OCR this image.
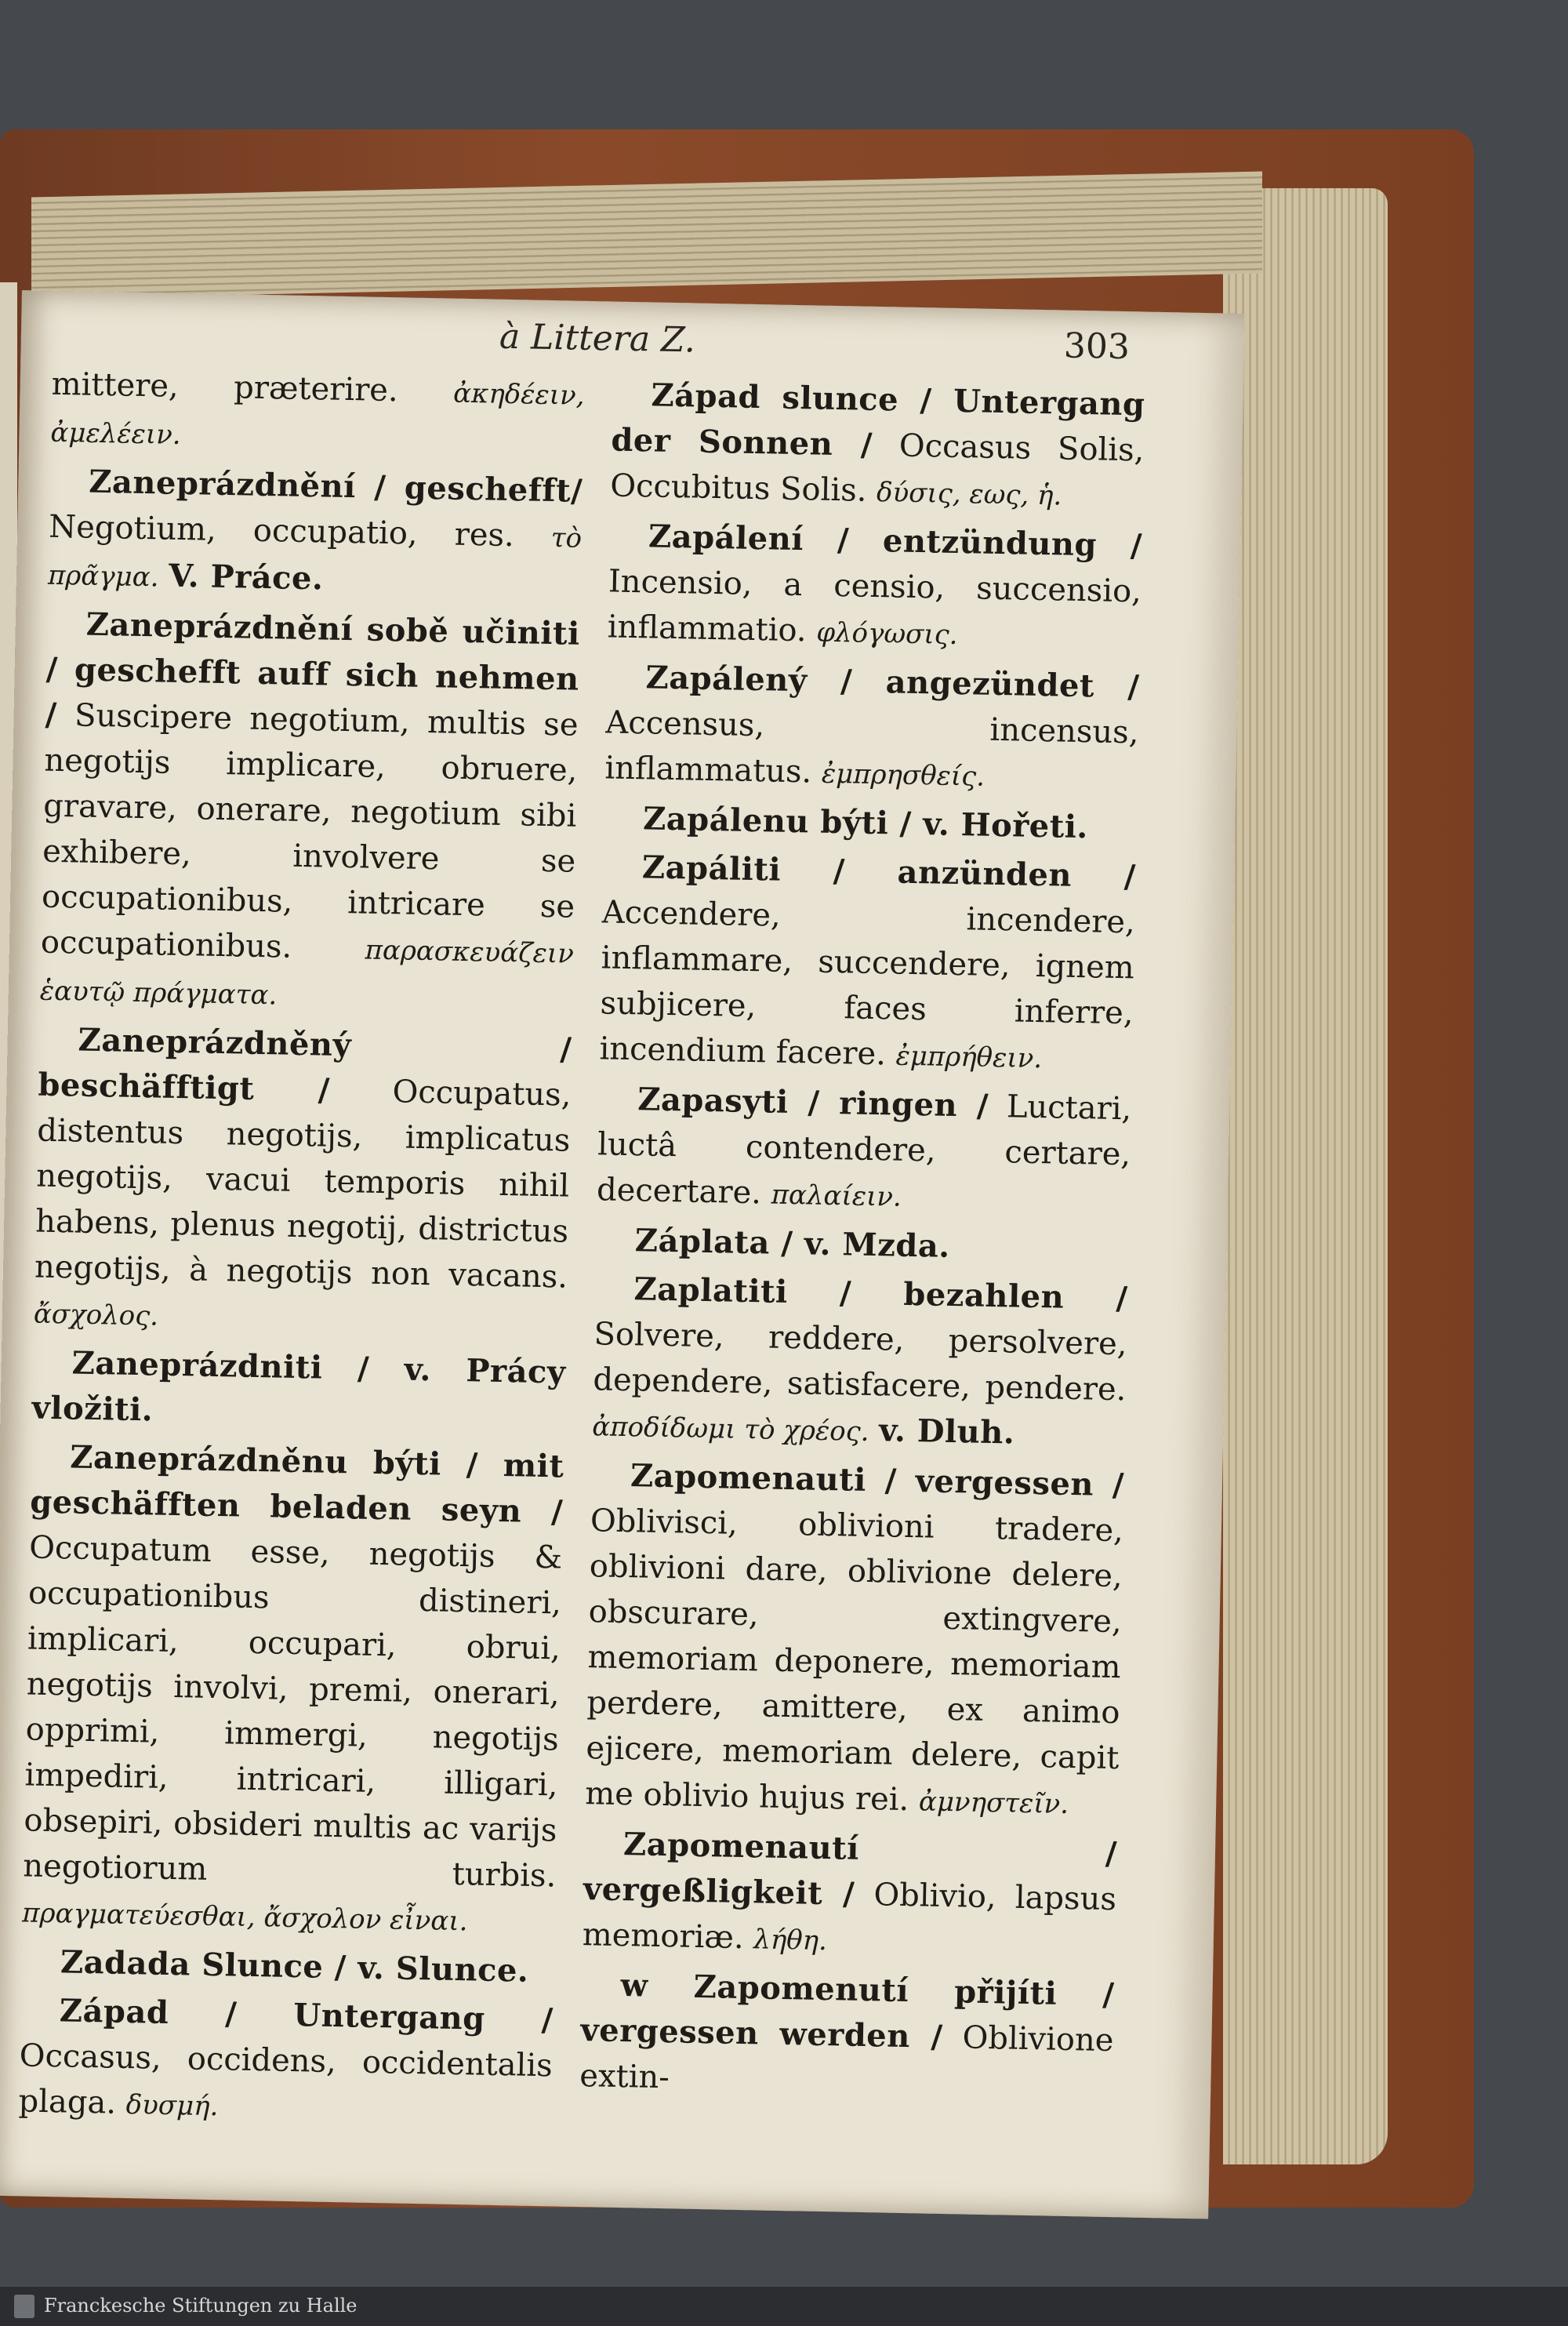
à Littera Z.	303

mittere, præterire. ἀκηδέειν, ἀμελέειν.

Zaneprázdnění / geschefft/ Negotium, occupatio, res. τὸ πρᾶγμα. V. Práce.

Zaneprázdnění sobě učiniti / geschefft auff sich nehmen / Suscipere negotium, multis se negotijs implicare, obruere, gravare, onerare, negotium sibi exhibere, involvere se occupationibus, intricare se occupationibus.	παρασκευάζειν ἑαυτῷ πράγματα.

Zaneprázdněný / beschäfftigt / Occupatus, distentus negotijs, implicatus negotijs, vacui temporis nihil habens, plenus negotij, districtus negotijs, à negotijs non vacans. ἄσχολος.

Zaneprázdniti / v. Prácy vložiti.

Zaneprázdněnu býti / mit geschäfften beladen seyn / Occupatum esse, negotijs & occupationibus distineri, implicari, occupari, obrui, negotijs involvi, premi, onerari, opprimi, immergi, negotijs impediri, intricari, illigari, obsepiri, obsideri multis ac varijs negotiorum turbis. πραγματεύεσθαι, ἄσχολον εἶναι.

Zadada Slunce / v. Slunce.

Západ / Untergang / Occasus, occidens, occidentalis plaga. δυσμή.

Západ slunce / Untergang der Sonnen / Occasus Solis, Occubitus Solis. δύσις, εως, ἡ.

Zapálení / entzündung / Incensio, a censio, succensio, inflammatio. φλόγωσις.

Zapálený / angezündet / Accensus, incensus, inflammatus. ἐμπρησθείς.

Zapálenu býti / v. Hořeti.

Zapáliti / anzünden / Accendere, incendere, inflammare, succendere, ignem subjicere, faces inferre, incendium facere. ἐμπρήθειν.

Zapasyti / ringen / Luctari, luctâ contendere, certare, decertare. παλαίειν.

Záplata / v. Mzda.

Zaplatiti / bezahlen / Solvere, reddere, persolvere, dependere, satisfacere, pendere. ἀποδίδωμι τὸ χρέος. v. Dluh.

Zapomenauti / vergessen / Oblivisci, oblivioni tradere, oblivioni dare, oblivione delere, obscurare, extingvere, memoriam deponere, memoriam perdere, amittere, ex animo ejicere, memoriam delere, capit me oblivio hujus rei. ἀμνηστεῖν.

Zapomenautí / vergeßligkeit / Oblivio, lapsus memoriæ. λήθη.

w Zapomenutí přijíti / vergessen werden / Oblivione extin-

Franckesche Stiftungen zu Halle
